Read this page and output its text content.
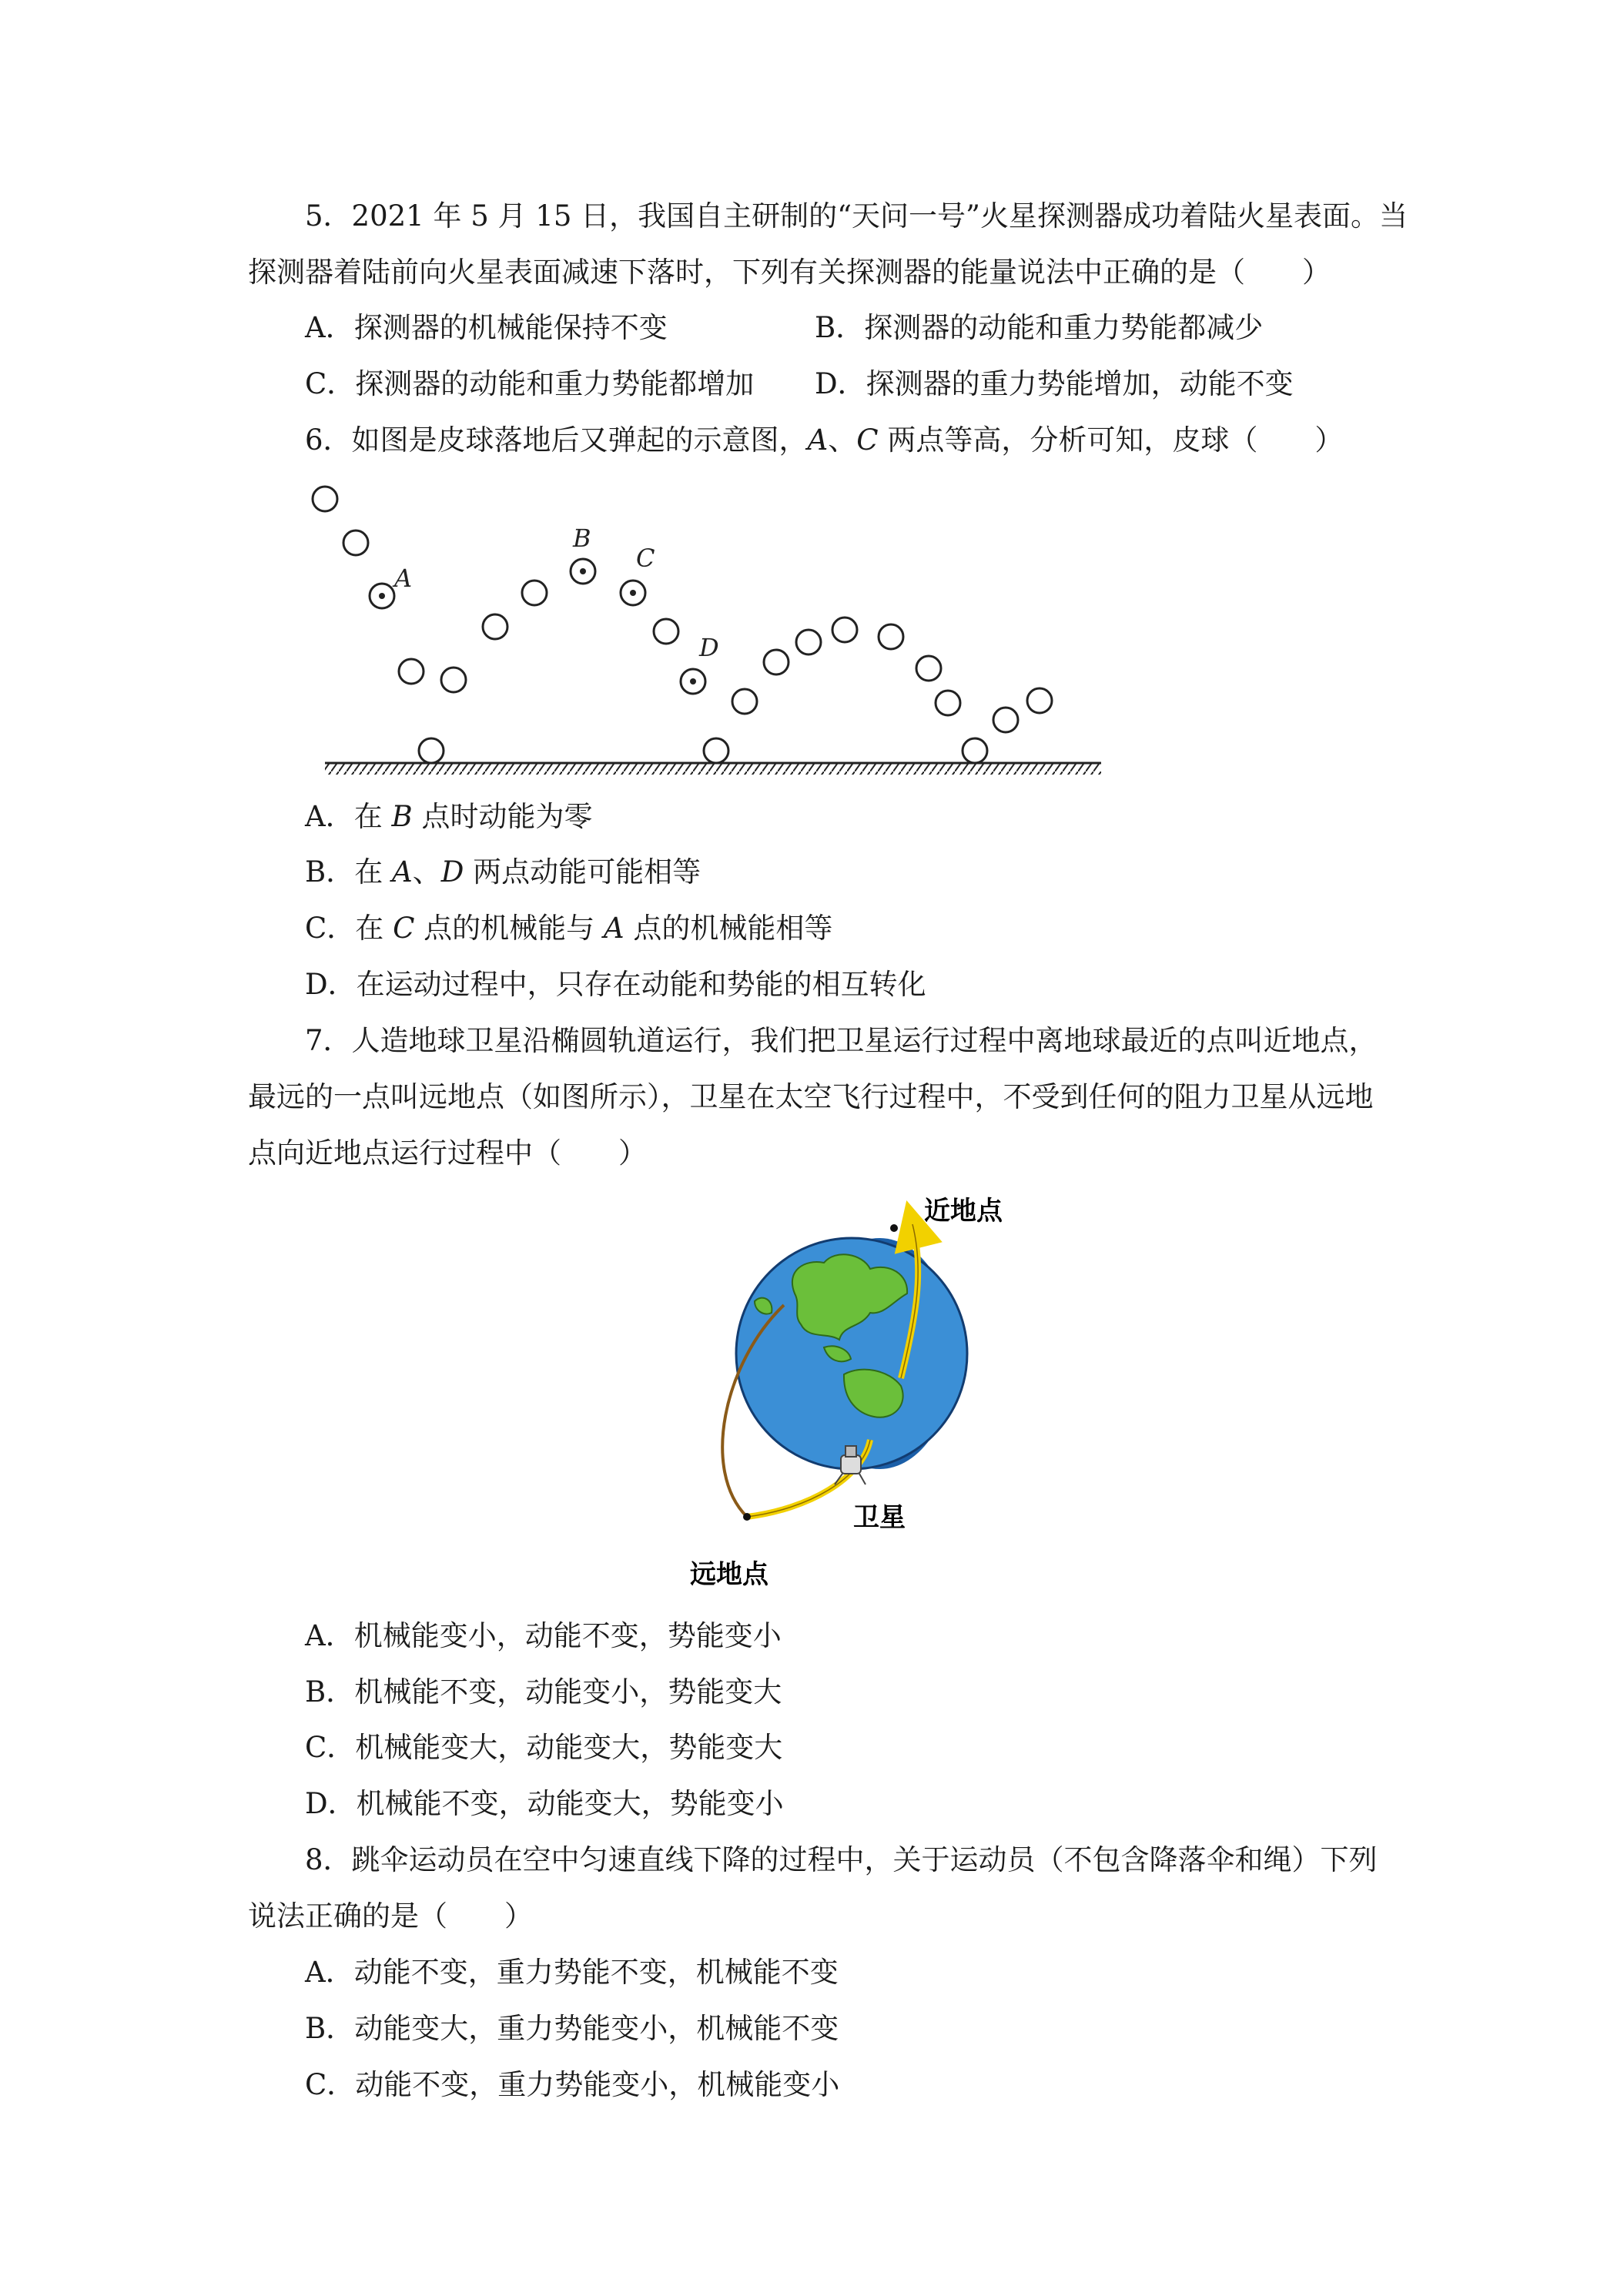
5．2021 年 5 月 15 日，我国自主研制的“天问一号”火星探测器成功着陆火星表面。当
探测器着陆前向火星表面减速下落时，下列有关探测器的能量说法中正确的是（　　）
A．探测器的机械能保持不变	B．探测器的动能和重力势能都减少
C．探测器的动能和重力势能都增加 D．探测器的重力势能增加，动能不变
6．如图是皮球落地后又弹起的示意图，A、C 两点等高，分析可知，皮球（　　）
A
B
C
D
A．在 B 点时动能为零
B．在 A、D 两点动能可能相等
C．在 C 点的机械能与 A 点的机械能相等
D．在运动过程中，只存在动能和势能的相互转化
7．人造地球卫星沿椭圆轨道运行，我们把卫星运行过程中离地球最近的点叫近地点，
最远的一点叫远地点（如图所示），卫星在太空飞行过程中，不受到任何的阻力卫星从远地
点向近地点运行过程中（　　）
近地点
远地点
卫星
A．机械能变小，动能不变，势能变小
B．机械能不变，动能变小，势能变大
C．机械能变大，动能变大，势能变大
D．机械能不变，动能变大，势能变小
8．跳伞运动员在空中匀速直线下降的过程中，关于运动员（不包含降落伞和绳）下列
说法正确的是（　　）
A．动能不变，重力势能不变，机械能不变
B．动能变大，重力势能变小，机械能不变
C．动能不变，重力势能变小，机械能变小
